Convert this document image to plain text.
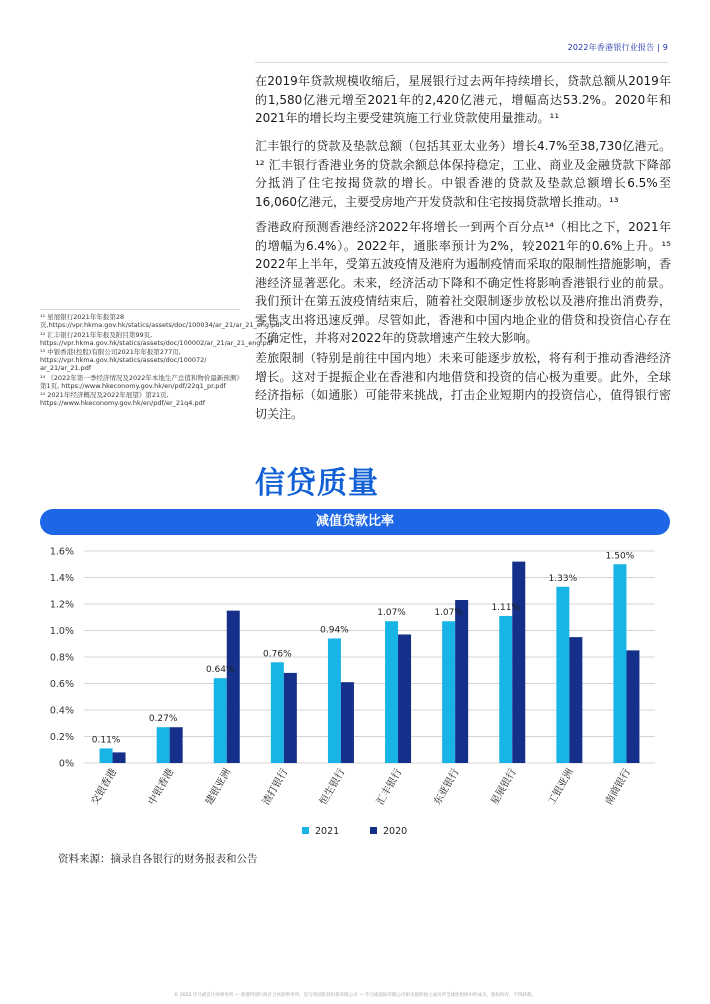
2022年香港银行业报告 | 9
在2019年贷款规模收缩后，星展银行过去两年持续增长，贷款总额从2019年的1,580亿港元增至2021年的2,420亿港元，增幅高达53.2%。2020年和2021年的增长均主要受建筑施工行业贷款使用量推动。¹¹
汇丰银行的贷款及垫款总额（包括其亚太业务）增长4.7%至38,730亿港元。¹² 汇丰银行香港业务的贷款余额总体保持稳定，工业、商业及金融贷款下降部分抵消了住宅按揭贷款的增长。中银香港的贷款及垫款总额增长6.5%至16,060亿港元，主要受房地产开发贷款和住宅按揭贷款增长推动。¹³
香港政府预测香港经济2022年将增长一到两个百分点¹⁴（相比之下，2021年的增幅为6.4%）。2022年，通胀率预计为2%，较2021年的0.6%上升。¹⁵ 2022年上半年，受第五波疫情及港府为遏制疫情而采取的限制性措施影响，香港经济显著恶化。未来，经济活动下降和不确定性将影响香港银行业的前景。我们预计在第五波疫情结束后，随着社交限制逐步放松以及港府推出消费券，零售支出将迅速反弹。尽管如此，香港和中国内地企业的借贷和投资信心存在不确定性，并将对2022年的贷款增速产生较大影响。
差旅限制（特别是前往中国内地）未来可能逐步放松，将有利于推动香港经济增长。这对于提振企业在香港和内地借贷和投资的信心极为重要。此外，全球经济指标（如通胀）可能带来挑战，打击企业短期内的投资信心，值得银行密切关注。
¹¹ 星展银行2021年年报第28页,https://vpr.hkma.gov.hk/statics/assets/doc/100034/ar_21/ar_21_eng.pdf
¹² 汇丰银行2021年年报及附目第99页, https://vpr.hkma.gov.hk/statics/assets/doc/100002/ar_21/ar_21_eng.pdf
¹³ 中银香港(控股)有限公司2021年年报第277页, https://vpr.hkma.gov.hk/statics/assets/doc/100072/ ar_21/ar_21.pdf
¹⁴ 《2022年第一季经济情况及2022年本地生产总值和物价最新预测》第1页, https://www.hkeconomy.gov.hk/en/pdf/22q1_pr.pdf
¹⁵ 2021年经济概况及2022年展望》第21页, https://www.hkeconomy.gov.hk/en/pdf/er_21q4.pdf
信贷质量
减值贷款比率
0%
0.2%
0.4%
0.6%
0.8%
1.0%
1.2%
1.4%
1.6%
0.11%
交银香港
0.27%
中银香港
0.64%
建银亚洲
0.76%
渣打银行
0.94%
恒生银行
1.07%
汇丰银行
1.07%
东亚银行
1.11%
星展银行
1.33%
工银亚洲
1.50%
南商银行
2021	2020
资料来源：摘录自各银行的财务报表和公告
© 2022 毕马威会计师事务所 — 香港特别行政区合伙制事务所，是与英国私营担保有限公司 — 毕马威国际有限公司相关联的独立成员所全球性组织中的成员。版权所有，不得转载。
